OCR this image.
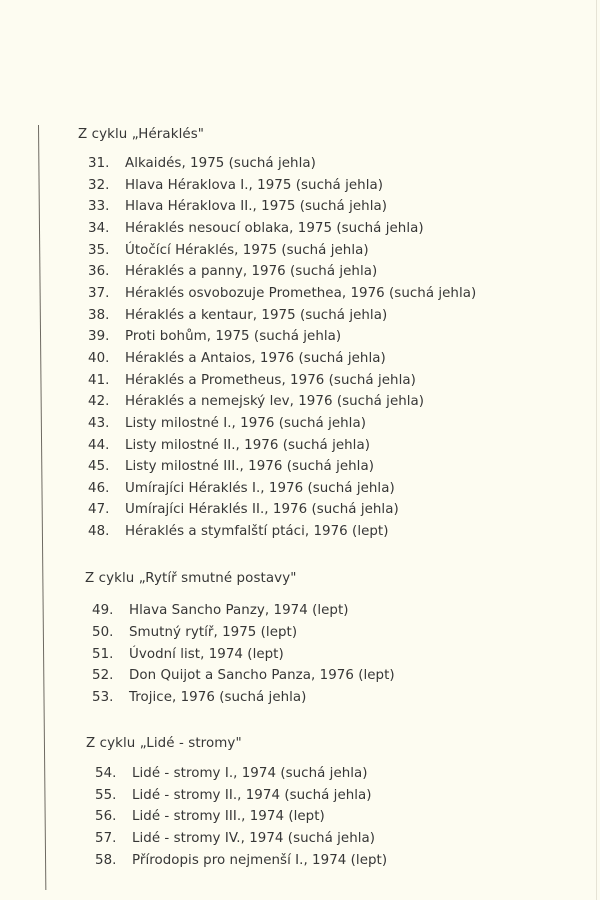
Z cyklu „Héraklés"
31. Alkaidés, 1975 (suchá jehla)
32. Hlava Héraklova I., 1975 (suchá jehla)
33. Hlava Héraklova II., 1975 (suchá jehla)
34. Héraklés nesoucí oblaka, 1975 (suchá jehla)
35. Útočící Héraklés, 1975 (suchá jehla)
36. Héraklés a panny, 1976 (suchá jehla)
37. Héraklés osvobozuje Promethea, 1976 (suchá jehla)
38. Héraklés a kentaur, 1975 (suchá jehla)
39. Proti bohům, 1975 (suchá jehla)
40. Héraklés a Antaios, 1976 (suchá jehla)
41. Héraklés a Prometheus, 1976 (suchá jehla)
42. Héraklés a nemejský lev, 1976 (suchá jehla)
43. Listy milostné I., 1976 (suchá jehla)
44. Listy milostné II., 1976 (suchá jehla)
45. Listy milostné III., 1976 (suchá jehla)
46. Umírajíci Héraklés I., 1976 (suchá jehla)
47. Umírajíci Héraklés II., 1976 (suchá jehla)
48. Héraklés a stymfalští ptáci, 1976 (lept)
Z cyklu „Rytíř smutné postavy"
49. Hlava Sancho Panzy, 1974 (lept)
50. Smutný rytíř, 1975 (lept)
51. Úvodní list, 1974 (lept)
52. Don Quijot a Sancho Panza, 1976 (lept)
53. Trojice, 1976 (suchá jehla)
Z cyklu „Lidé - stromy"
54. Lidé - stromy I., 1974 (suchá jehla)
55. Lidé - stromy II., 1974 (suchá jehla)
56. Lidé - stromy III., 1974 (lept)
57. Lidé - stromy IV., 1974 (suchá jehla)
58. Přírodopis pro nejmenší I., 1974 (lept)
